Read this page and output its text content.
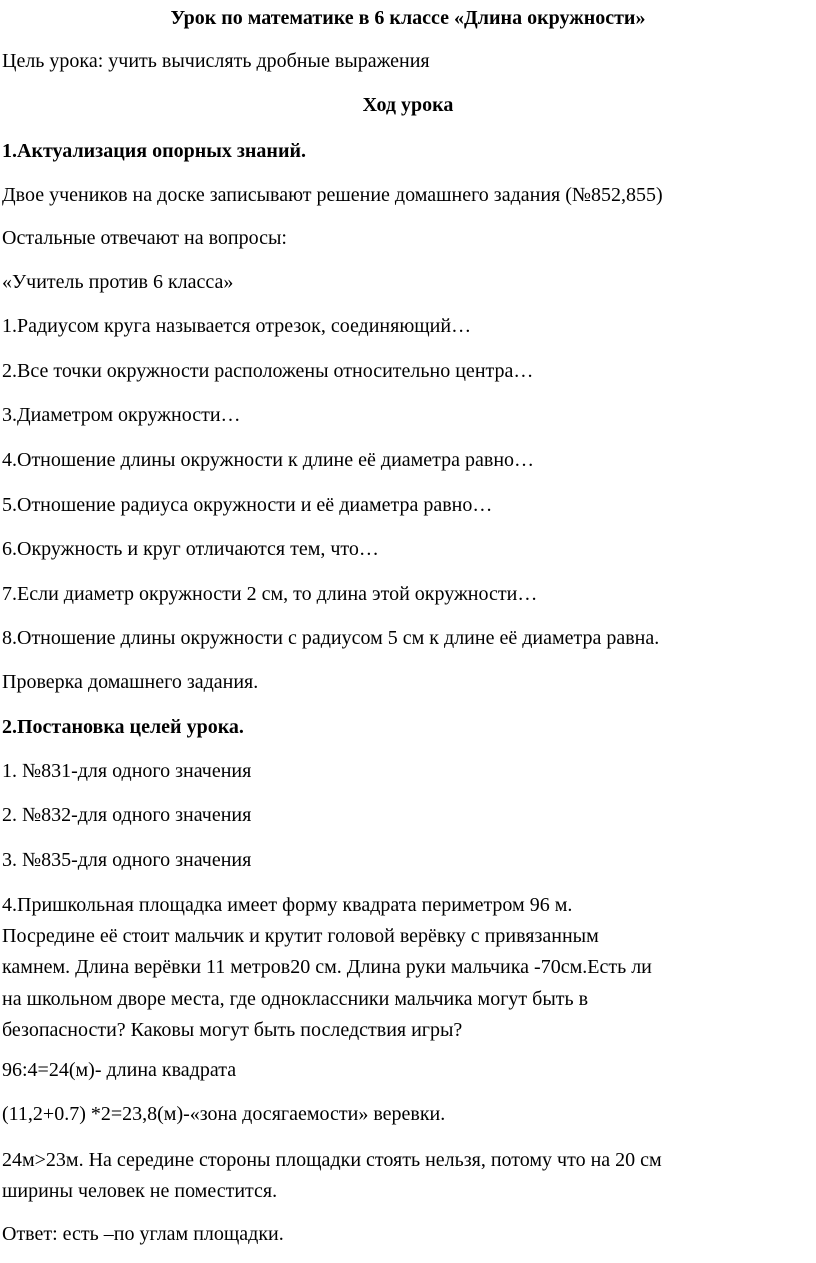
Урок по математике в 6 классе «Длина окружности»
Цель урока: учить вычислять дробные выражения
Ход урока
1.Актуализация опорных знаний.
Двое учеников на доске записывают решение домашнего задания (№852,855)
Остальные отвечают на вопросы:
«Учитель против 6 класса»
1.Радиусом круга называется отрезок, соединяющий…
2.Все точки окружности расположены относительно центра…
3.Диаметром окружности…
4.Отношение длины окружности к длине её диаметра равно…
5.Отношение радиуса окружности и её диаметра равно…
6.Окружность и круг отличаются тем, что…
7.Если диаметр окружности 2 см, то длина этой окружности…
8.Отношение длины окружности с радиусом 5 см к длине её диаметра равна.
Проверка домашнего задания.
2.Постановка целей урока.
1. №831-для одного значения
2. №832-для одного значения
3. №835-для одного значения
4.Пришкольная площадка имеет форму квадрата периметром 96 м.
Посредине её стоит мальчик и крутит головой верёвку с привязанным
камнем. Длина верёвки 11 метров20 см. Длина руки мальчика -70см.Есть ли
на школьном дворе места, где одноклассники мальчика могут быть в
безопасности? Каковы могут быть последствия игры?
96:4=24(м)- длина квадрата
(11,2+0.7) *2=23,8(м)-«зона досягаемости» веревки.
24м>23м. На середине стороны площадки стоять нельзя, потому что на 20 см
ширины человек не поместится.
Ответ: есть –по углам площадки.
